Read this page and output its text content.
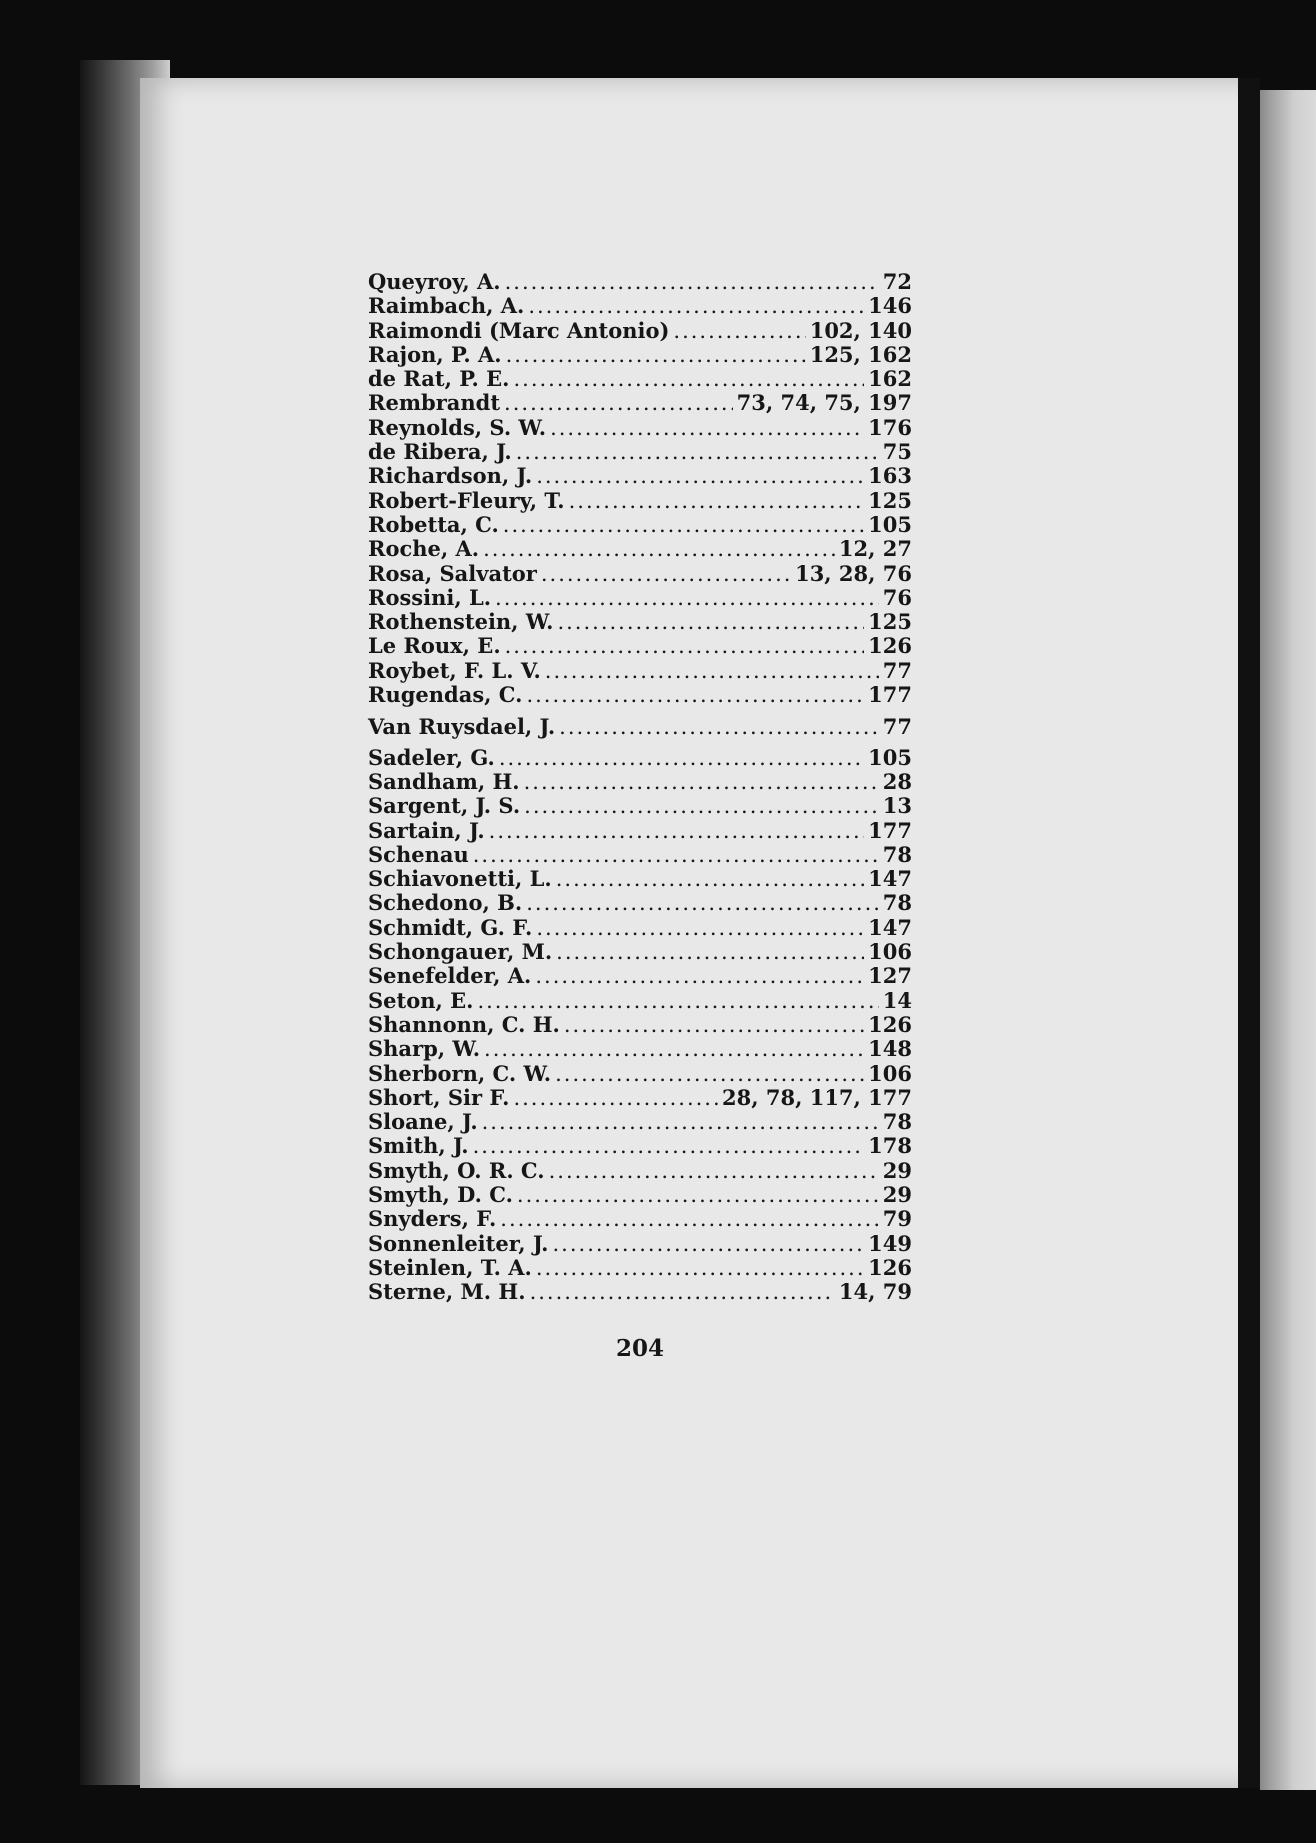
Queyroy, A. .....	72
Raimbach, A. .....	146
Raimondi (Marc Antonio) .....	102, 140
Rajon, P. A. .....	125, 162
de Rat, P. E. .....	162
Rembrandt .....	73, 74, 75, 197
Reynolds, S. W. .....	176
de Ribera, J. .....	75
Richardson, J. .....	163
Robert-Fleury, T. .....	125
Robetta, C. .....	105
Roche, A. .....	12, 27
Rosa, Salvator .....	13, 28, 76
Rossini, L. .....	76
Rothenstein, W. .....	125
Le Roux, E. .....	126
Roybet, F. L. V. .....	77
Rugendas, C. .....	177
Van Ruysdael, J. .....	77
Sadeler, G. .....	105
Sandham, H. .....	28
Sargent, J. S. .....	13
Sartain, J. .....	177
Schenau .....	78
Schiavonetti, L. .....	147
Schedono, B. .....	78
Schmidt, G. F. .....	147
Schongauer, M. .....	106
Senefelder, A. .....	127
Seton, E. .....	14
Shannonn, C. H. .....	126
Sharp, W. .....	148
Sherborn, C. W. .....	106
Short, Sir F. .....	28, 78, 117, 177
Sloane, J. .....	78
Smith, J. .....	178
Smyth, O. R. C. .....	29
Smyth, D. C. .....	29
Snyders, F. .....	79
Sonnenleiter, J. .....	149
Steinlen, T. A. .....	126
Sterne, M. H. .....	14, 79
204
